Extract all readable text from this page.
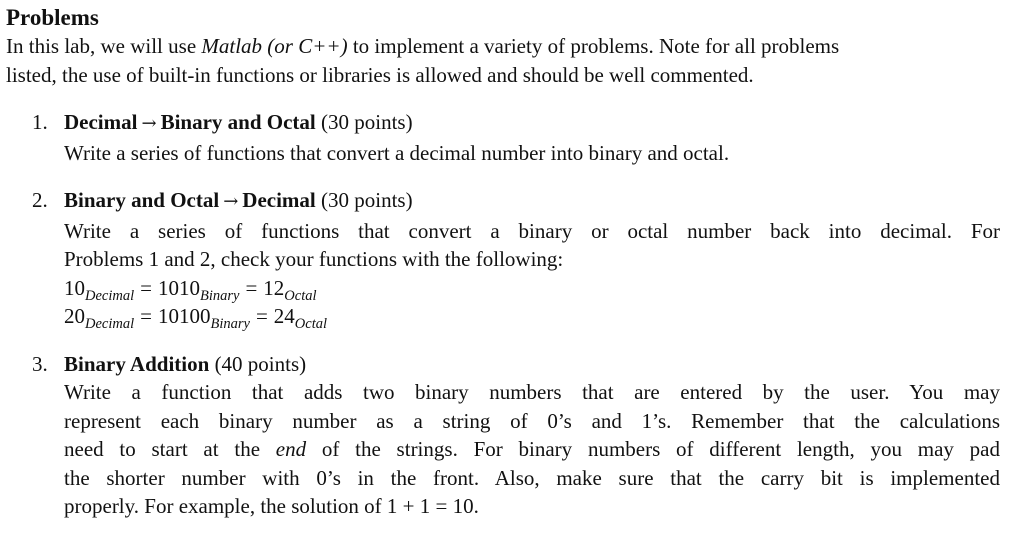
Problems

In this lab, we will use Matlab (or C++) to implement a variety of problems. Note for all problems
listed, the use of built-in functions or libraries is allowed and should be well commented.

1. Decimal → Binary and Octal (30 points)
Write a series of functions that convert a decimal number into binary and octal.
2. Binary and Octal → Decimal (30 points)
Write a series of functions that convert a binary or octal number back into decimal. For
Problems 1 and 2, check your functions with the following:
$10_{Decimal} = 1010_{Binary} = 12_{Octal}$
$20_{Decimal} = 10100_{Binary} = 24_{Octal}$
3. Binary Addition (40 points)
Write a function that adds two binary numbers that are entered by the user. You may
represent each binary number as a string of 0’s and 1’s. Remember that the calculations
need to start at the end of the strings. For binary numbers of different length, you may pad
the shorter number with 0’s in the front. Also, make sure that the carry bit is implemented
properly. For example, the solution of 1 + 1 = 10.
